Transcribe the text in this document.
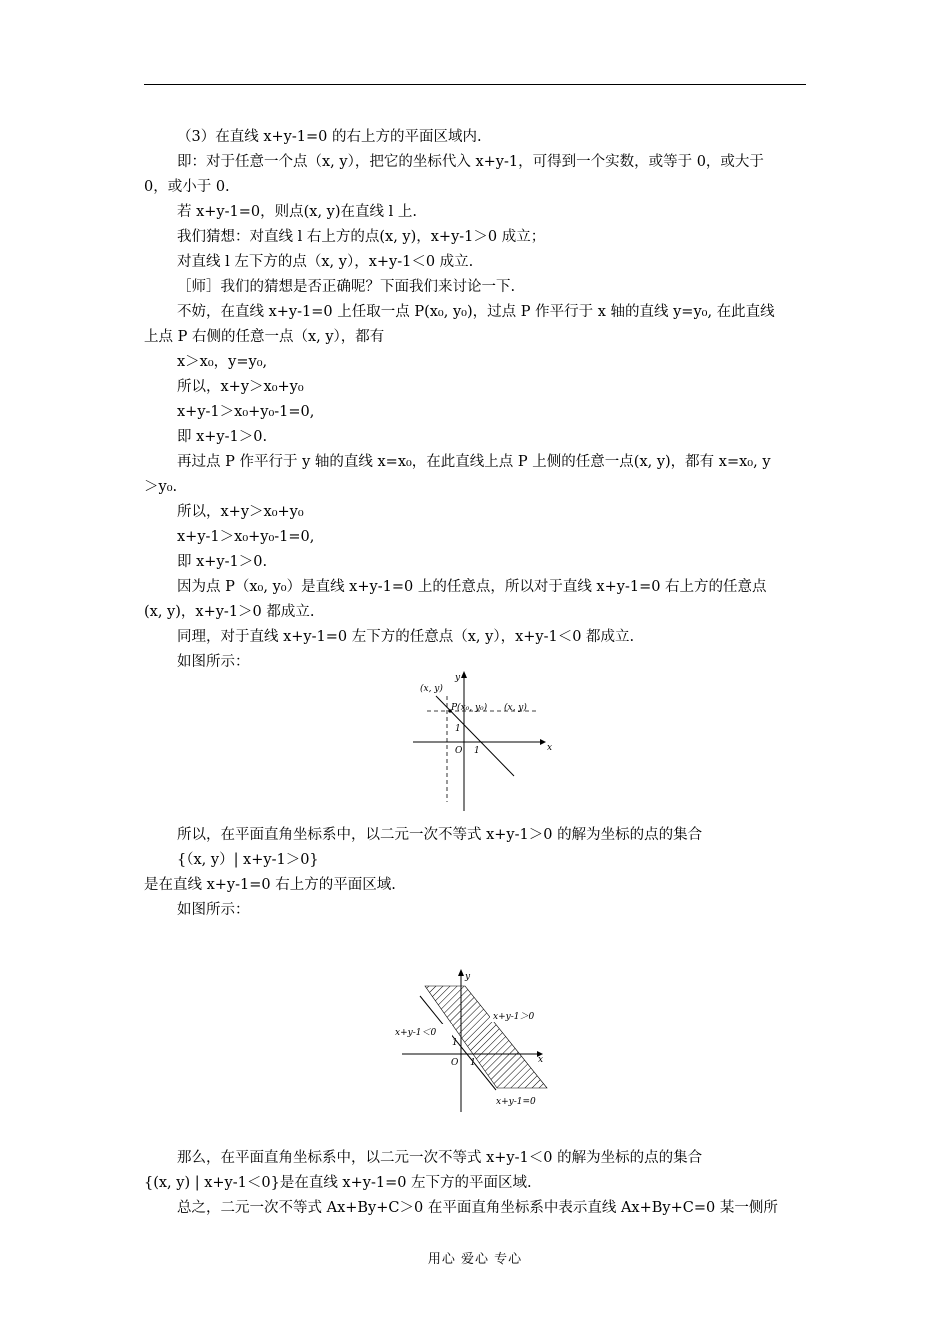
（3）在直线 x+y-1=0 的右上方的平面区域内.
即：对于任意一个点（x, y），把它的坐标代入 x+y-1，可得到一个实数，或等于 0，或大于
0，或小于 0.
若 x+y-1=0，则点(x, y)在直线 l 上.
我们猜想：对直线 l 右上方的点(x, y)，x+y-1＞0 成立；
对直线 l 左下方的点（x, y），x+y-1＜0 成立.
［师］我们的猜想是否正确呢？下面我们来讨论一下.
不妨，在直线 x+y-1=0 上任取一点 P(x₀, y₀)，过点 P 作平行于 x 轴的直线 y=y₀, 在此直线
上点 P 右侧的任意一点（x, y），都有
x＞x₀，y=y₀,
所以，x+y＞x₀+y₀
x+y-1＞x₀+y₀-1=0,
即 x+y-1＞0.
再过点 P 作平行于 y 轴的直线 x=x₀，在此直线上点 P 上侧的任意一点(x, y)，都有 x=x₀, y
＞y₀.
所以，x+y＞x₀+y₀
x+y-1＞x₀+y₀-1=0,
即 x+y-1＞0.
因为点 P（x₀, y₀）是直线 x+y-1=0 上的任意点，所以对于直线 x+y-1=0 右上方的任意点
(x, y)，x+y-1＞0 都成立.
同理，对于直线 x+y-1=0 左下方的任意点（x, y），x+y-1＜0 都成立.
如图所示：
x
y
O 1
1
(x, y)
P(x₀, y₀) (x, y)
所以，在平面直角坐标系中，以二元一次不等式 x+y-1＞0 的解为坐标的点的集合
{（x, y）| x+y-1＞0}
是在直线 x+y-1=0 右上方的平面区域.
如图所示：
x
y
O 1
1
x+y-1＞0
x+y-1＜0
x+y-1=0
那么，在平面直角坐标系中，以二元一次不等式 x+y-1＜0 的解为坐标的点的集合
{(x, y) | x+y-1＜0}是在直线 x+y-1=0 左下方的平面区域.
总之，二元一次不等式 Ax+By+C＞0 在平面直角坐标系中表示直线 Ax+By+C=0 某一侧所
用心 爱心 专心
